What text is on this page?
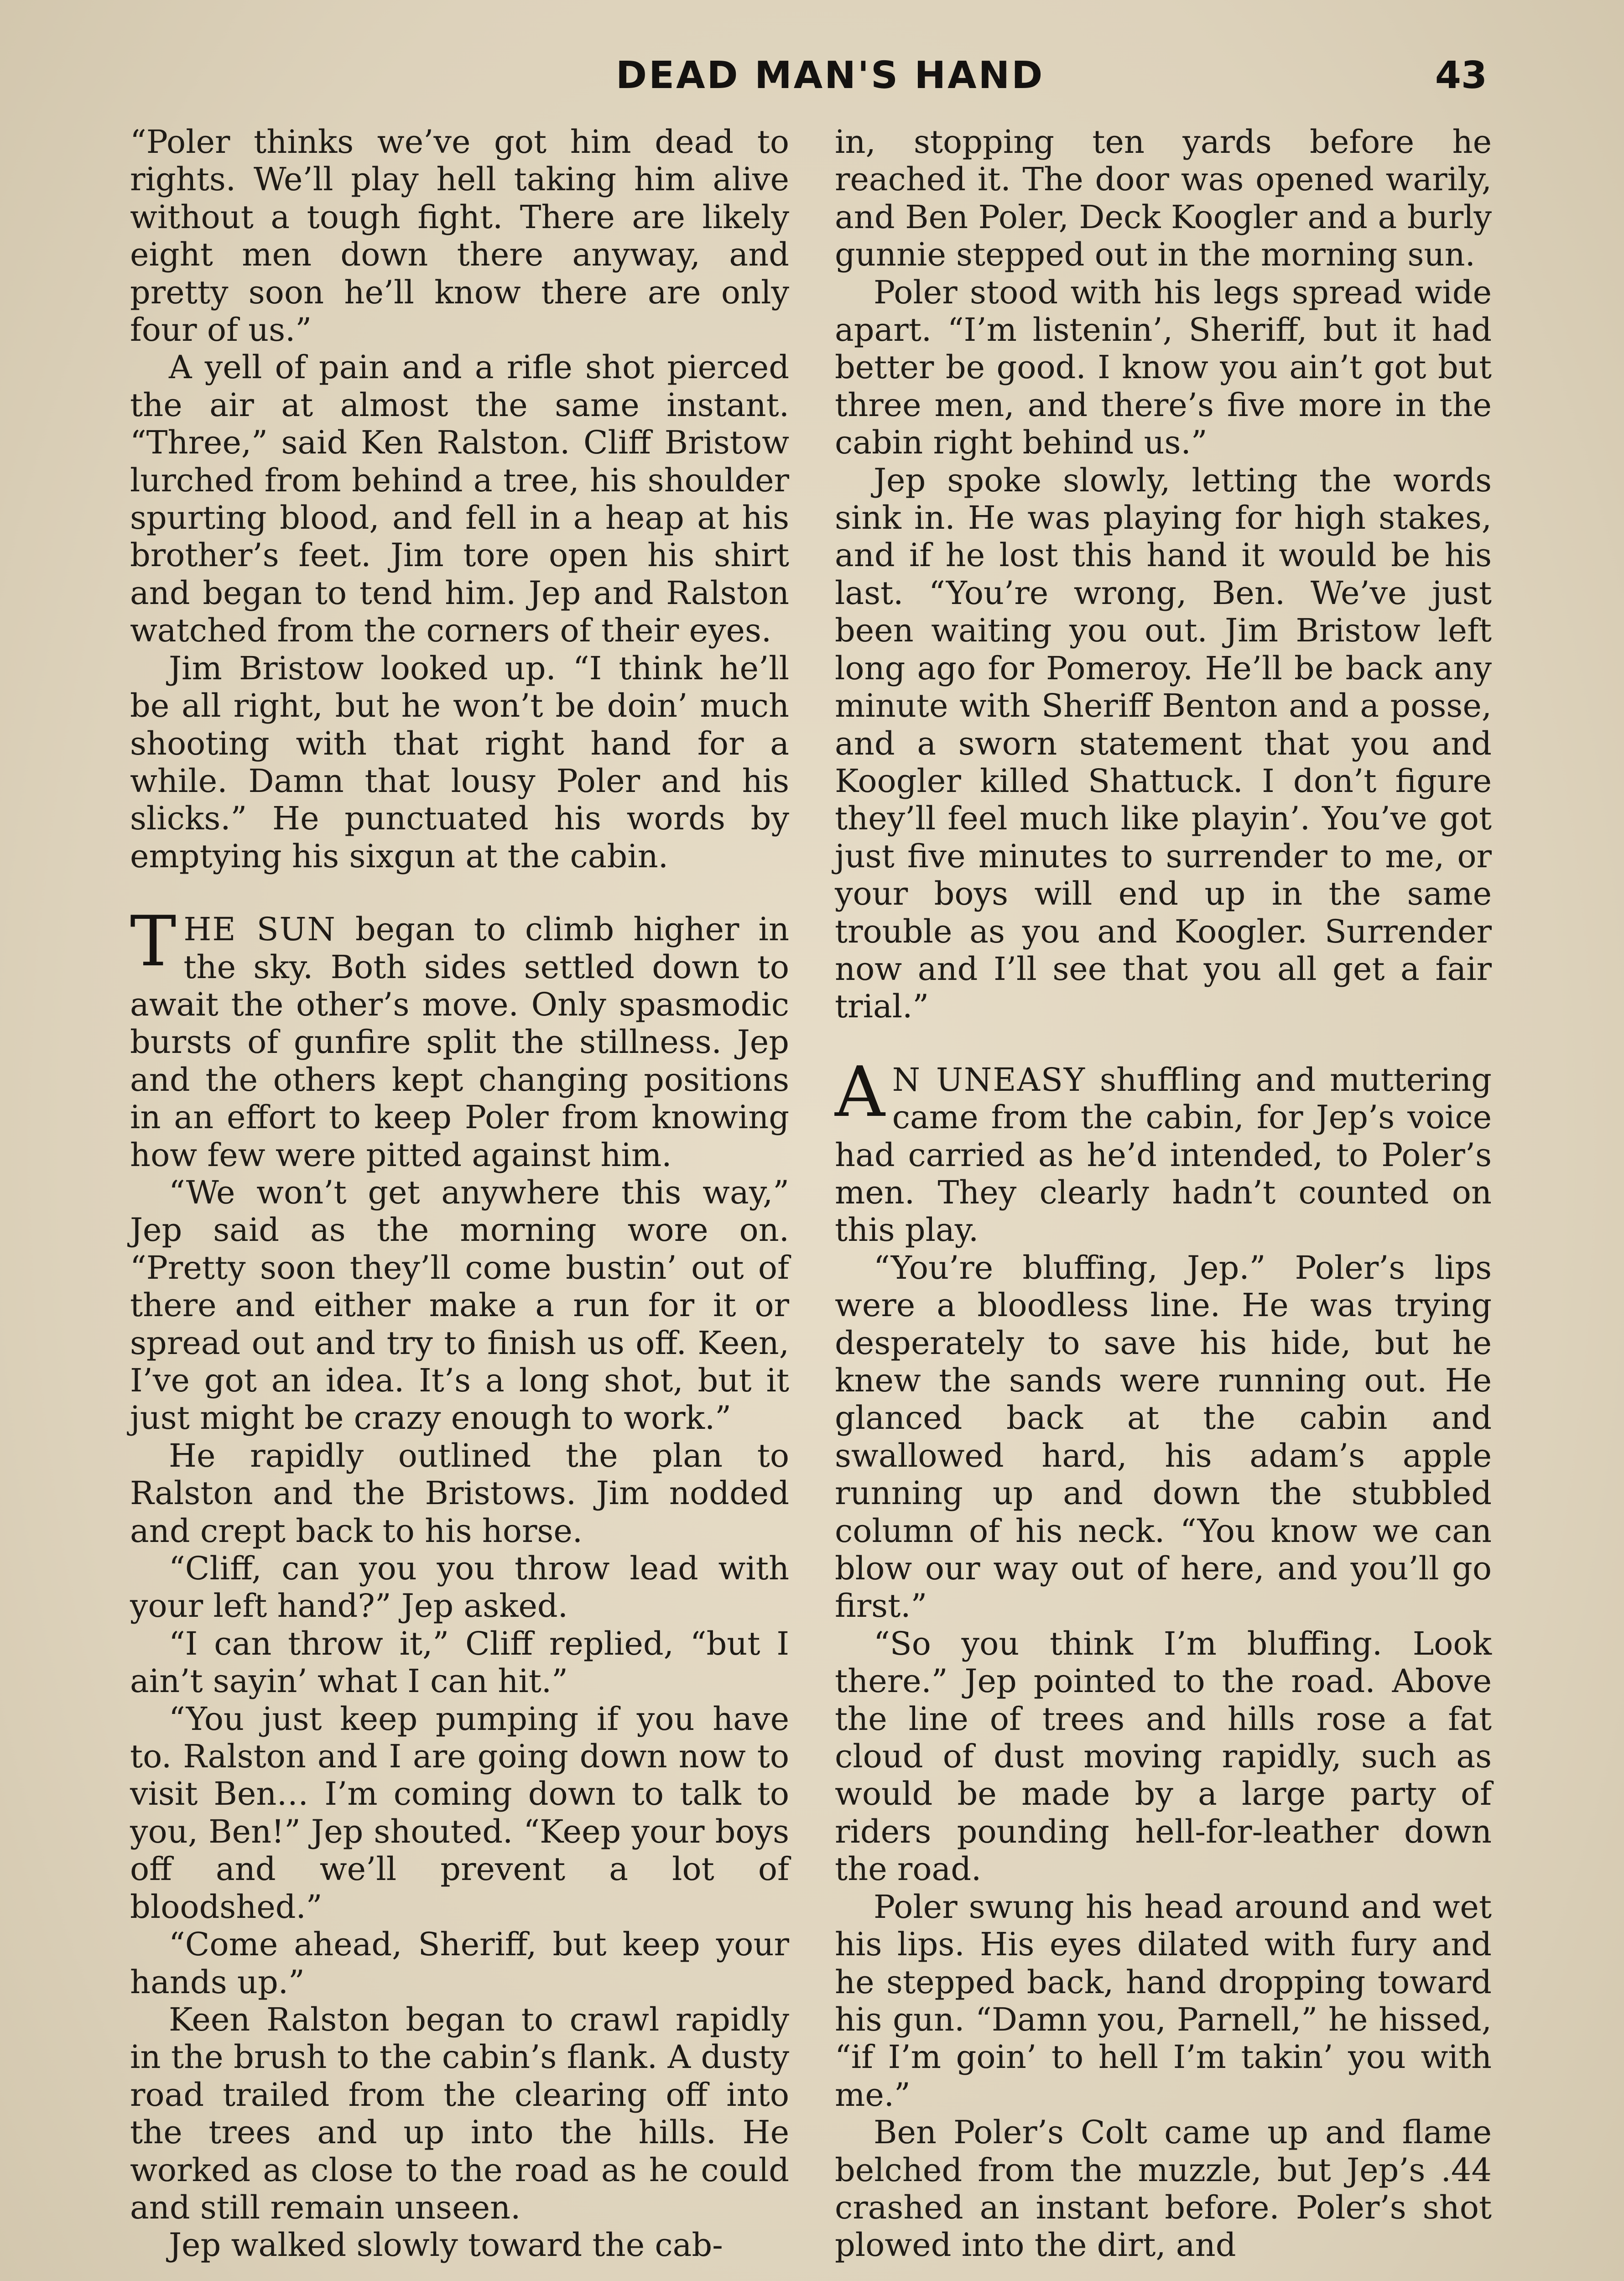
DEAD MAN'S HAND	43

“Poler thinks we’ve got him dead to rights. We’ll play hell taking him alive without a tough fight. There are likely eight men down there anyway, and pretty soon he’ll know there are only four of us.”

A yell of pain and a rifle shot pierced the air at almost the same instant. “Three,” said Ken Ralston. Cliff Bristow lurched from behind a tree, his shoulder spurting blood, and fell in a heap at his brother’s feet. Jim tore open his shirt and began to tend him. Jep and Ralston watched from the corners of their eyes.

Jim Bristow looked up. “I think he’ll be all right, but he won’t be doin’ much shooting with that right hand for a while. Damn that lousy Poler and his slicks.” He punctuated his words by emptying his sixgun at the cabin.

THE SUN began to climb higher in the sky. Both sides settled down to await the other’s move. Only spasmodic bursts of gunfire split the stillness. Jep and the others kept changing positions in an effort to keep Poler from knowing how few were pitted against him.

“We won’t get anywhere this way,” Jep said as the morning wore on. “Pretty soon they’ll come bustin’ out of there and either make a run for it or spread out and try to finish us off. Keen, I’ve got an idea. It’s a long shot, but it just might be crazy enough to work.”

He rapidly outlined the plan to Ralston and the Bristows. Jim nodded and crept back to his horse.

“Cliff, can you you throw lead with your left hand?” Jep asked.

“I can throw it,” Cliff replied, “but I ain’t sayin’ what I can hit.”

“You just keep pumping if you have to. Ralston and I are going down now to visit Ben… I’m coming down to talk to you, Ben!” Jep shouted. “Keep your boys off and we’ll prevent a lot of bloodshed.”

“Come ahead, Sheriff, but keep your hands up.”

Keen Ralston began to crawl rapidly in the brush to the cabin’s flank. A dusty road trailed from the clearing off into the trees and up into the hills. He worked as close to the road as he could and still remain unseen.

Jep walked slowly toward the cab-

in, stopping ten yards before he reached it. The door was opened warily, and Ben Poler, Deck Koogler and a burly gunnie stepped out in the morning sun.

Poler stood with his legs spread wide apart. “I’m listenin’, Sheriff, but it had better be good. I know you ain’t got but three men, and there’s five more in the cabin right behind us.”

Jep spoke slowly, letting the words sink in. He was playing for high stakes, and if he lost this hand it would be his last. “You’re wrong, Ben. We’ve just been waiting you out. Jim Bristow left long ago for Pomeroy. He’ll be back any minute with Sheriff Benton and a posse, and a sworn statement that you and Koogler killed Shattuck. I don’t figure they’ll feel much like playin’. You’ve got just five minutes to surrender to me, or your boys will end up in the same trouble as you and Koogler. Surrender now and I’ll see that you all get a fair trial.”

A N UNEASY shuffling and muttering came from the cabin, for Jep’s voice had carried as he’d intended, to Poler’s men. They clearly hadn’t counted on this play.

“You’re bluffing, Jep.” Poler’s lips were a bloodless line. He was trying desperately to save his hide, but he knew the sands were running out. He glanced back at the cabin and swallowed hard, his adam’s apple running up and down the stubbled column of his neck. “You know we can blow our way out of here, and you’ll go first.”

“So you think I’m bluffing. Look there.” Jep pointed to the road. Above the line of trees and hills rose a fat cloud of dust moving rapidly, such as would be made by a large party of riders pounding hell-for-leather down the road.

Poler swung his head around and wet his lips. His eyes dilated with fury and he stepped back, hand dropping toward his gun. “Damn you, Parnell,” he hissed, “if I’m goin’ to hell I’m takin’ you with me.”

Ben Poler’s Colt came up and flame belched from the muzzle, but Jep’s .44 crashed an instant before. Poler’s shot plowed into the dirt, and
